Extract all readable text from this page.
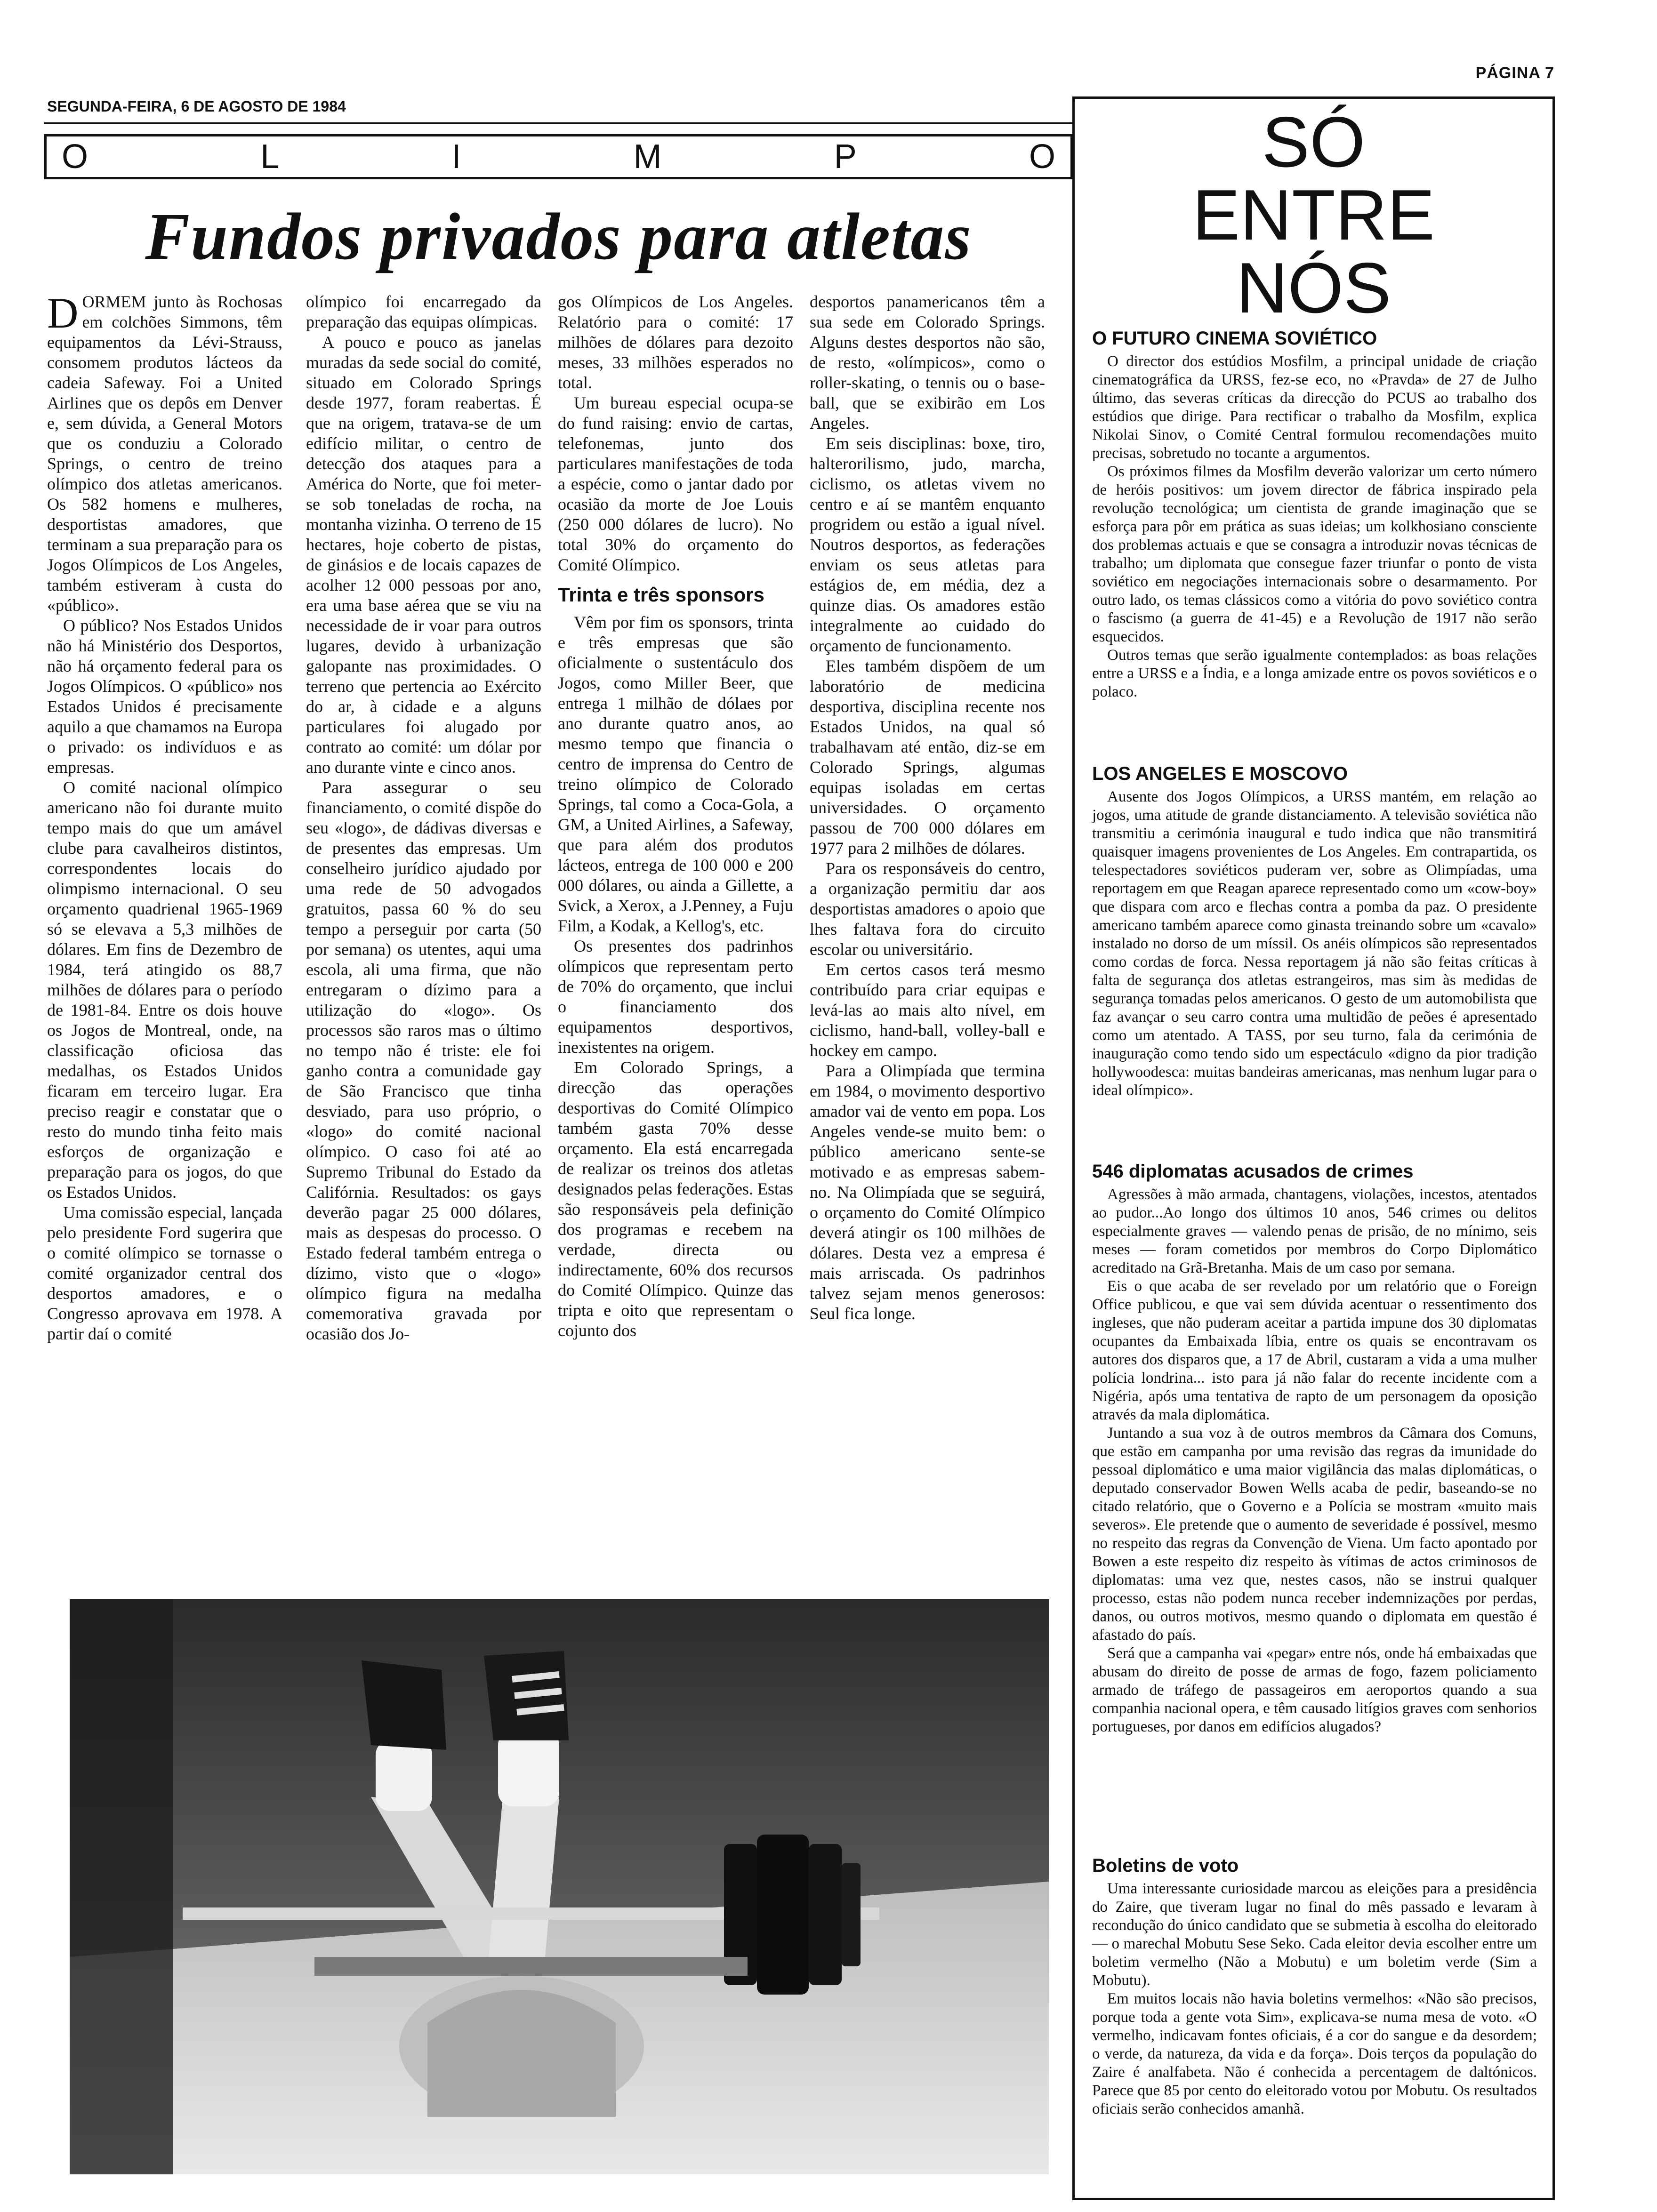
PÁGINA 7
SEGUNDA-FEIRA, 6 DE AGOSTO DE 1984
O	L	I	M	P	O
Fundos privados para atletas

DORMEM junto às Rochosas em colchões Simmons, têm equipamentos da Lévi-Strauss, consomem produtos lácteos da cadeia Safeway. Foi a United Airlines que os depôs em Denver e, sem dúvida, a General Motors que os conduziu a Colorado Springs, o centro de treino olímpico dos atletas americanos. Os 582 homens e mulheres, desportistas amadores, que terminam a sua preparação para os Jogos Olímpicos de Los Angeles, também estiveram à custa do «público».

O público? Nos Estados Unidos não há Ministério dos Desportos, não há orçamento federal para os Jogos Olímpicos. O «público» nos Estados Unidos é precisamente aquilo a que chamamos na Europa o privado: os indivíduos e as empresas.

O comité nacional olímpico americano não foi durante muito tempo mais do que um amável clube para cavalheiros distintos, correspondentes locais do olimpismo internacional. O seu orçamento quadrienal 1965-1969 só se elevava a 5,3 milhões de dólares. Em fins de Dezembro de 1984, terá atingido os 88,7 milhões de dólares para o período de 1981-84. Entre os dois houve os Jogos de Montreal, onde, na classificação oficiosa das medalhas, os Estados Unidos ficaram em terceiro lugar. Era preciso reagir e constatar que o resto do mundo tinha feito mais esforços de organização e preparação para os jogos, do que os Estados Unidos.

Uma comissão especial, lançada pelo presidente Ford sugerira que o comité olímpico se tornasse o comité organizador central dos desportos amadores, e o Congresso aprovava em 1978. A partir daí o comité

olímpico foi encarregado da preparação das equipas olímpicas.

A pouco e pouco as janelas muradas da sede social do comité, situado em Colorado Springs desde 1977, foram reabertas. É que na origem, tratava-se de um edifício militar, o centro de detecção dos ataques para a América do Norte, que foi meter-se sob toneladas de rocha, na montanha vizinha. O terreno de 15 hectares, hoje coberto de pistas, de ginásios e de locais capazes de acolher 12 000 pessoas por ano, era uma base aérea que se viu na necessidade de ir voar para outros lugares, devido à urbanização galopante nas proximidades. O terreno que pertencia ao Exército do ar, à cidade e a alguns particulares foi alugado por contrato ao comité: um dólar por ano durante vinte e cinco anos.

Para assegurar o seu financiamento, o comité dispõe do seu «logo», de dádivas diversas e de presentes das empresas. Um conselheiro jurídico ajudado por uma rede de 50 advogados gratuitos, passa 60 % do seu tempo a perseguir por carta (50 por semana) os utentes, aqui uma escola, ali uma firma, que não entregaram o dízimo para a utilização do «logo». Os processos são raros mas o último no tempo não é triste: ele foi ganho contra a comunidade gay de São Francisco que tinha desviado, para uso próprio, o «logo» do comité nacional olímpico. O caso foi até ao Supremo Tribunal do Estado da Califórnia. Resultados: os gays deverão pagar 25 000 dólares, mais as despesas do processo. O Estado federal também entrega o dízimo, visto que o «logo» olímpico figura na medalha comemorativa gravada por ocasião dos Jo-

gos Olímpicos de Los Angeles. Relatório para o comité: 17 milhões de dólares para dezoito meses, 33 milhões esperados no total.

Um bureau especial ocupa-se do fund raising: envio de cartas, telefonemas, junto dos particulares manifestações de toda a espécie, como o jantar dado por ocasião da morte de Joe Louis (250 000 dólares de lucro). No total 30% do orçamento do Comité Olímpico.

Trinta e três sponsors

Vêm por fim os sponsors, trinta e três empresas que são oficialmente o sustentáculo dos Jogos, como Miller Beer, que entrega 1 milhão de dólaes por ano durante quatro anos, ao mesmo tempo que financia o centro de imprensa do Centro de treino olímpico de Colorado Springs, tal como a Coca-Gola, a GM, a United Airlines, a Safeway, que para além dos produtos lácteos, entrega de 100 000 e 200 000 dólares, ou ainda a Gillette, a Svick, a Xerox, a J.Penney, a Fuju Film, a Kodak, a Kellog's, etc.

Os presentes dos padrinhos olímpicos que representam perto de 70% do orçamento, que inclui o financiamento dos equipamentos desportivos, inexistentes na origem.

Em Colorado Springs, a direcção das operações desportivas do Comité Olímpico também gasta 70% desse orçamento. Ela está encarregada de realizar os treinos dos atletas designados pelas federações. Estas são responsáveis pela definição dos programas e recebem na verdade, directa ou indirectamente, 60% dos recursos do Comité Olímpico. Quinze das tripta e oito que representam o cojunto dos

desportos panamericanos têm a sua sede em Colorado Springs. Alguns destes desportos não são, de resto, «olímpicos», como o roller-skating, o tennis ou o base-ball, que se exibirão em Los Angeles.

Em seis disciplinas: boxe, tiro, halterorilismo, judo, marcha, ciclismo, os atletas vivem no centro e aí se mantêm enquanto progridem ou estão a igual nível. Noutros desportos, as federações enviam os seus atletas para estágios de, em média, dez a quinze dias. Os amadores estão integralmente ao cuidado do orçamento de funcionamento.

Eles também dispõem de um laboratório de medicina desportiva, disciplina recente nos Estados Unidos, na qual só trabalhavam até então, diz-se em Colorado Springs, algumas equipas isoladas em certas universidades. O orçamento passou de 700 000 dólares em 1977 para 2 milhões de dólares.

Para os responsáveis do centro, a organização permitiu dar aos desportistas amadores o apoio que lhes faltava fora do circuito escolar ou universitário.

Em certos casos terá mesmo contribuído para criar equipas e levá-las ao mais alto nível, em ciclismo, hand-ball, volley-ball e hockey em campo.

Para a Olimpíada que termina em 1984, o movimento desportivo amador vai de vento em popa. Los Angeles vende-se muito bem: o público americano sente-se motivado e as empresas sabem-no. Na Olimpíada que se seguirá, o orçamento do Comité Olímpico deverá atingir os 100 milhões de dólares. Desta vez a empresa é mais arriscada. Os padrinhos talvez sejam menos generosos: Seul fica longe.

SÓ
ENTRE
NÓS
O FUTURO CINEMA SOVIÉTICO

O director dos estúdios Mosfilm, a principal unidade de criação cinematográfica da URSS, fez-se eco, no «Pravda» de 27 de Julho último, das severas críticas da direcção do PCUS ao trabalho dos estúdios que dirige. Para rectificar o trabalho da Mosfilm, explica Nikolai Sinov, o Comité Central formulou recomendações muito precisas, sobretudo no tocante a argumentos.

Os próximos filmes da Mosfilm deverão valorizar um certo número de heróis positivos: um jovem director de fábrica inspirado pela revolução tecnológica; um cientista de grande imaginação que se esforça para pôr em prática as suas ideias; um kolkhosiano consciente dos problemas actuais e que se consagra a introduzir novas técnicas de trabalho; um diplomata que consegue fazer triunfar o ponto de vista soviético em negociações internacionais sobre o desarmamento. Por outro lado, os temas clássicos como a vitória do povo soviético contra o fascismo (a guerra de 41-45) e a Revolução de 1917 não serão esquecidos.

Outros temas que serão igualmente contemplados: as boas relações entre a URSS e a Índia, e a longa amizade entre os povos soviéticos e o polaco.

LOS ANGELES E MOSCOVO

Ausente dos Jogos Olímpicos, a URSS mantém, em relação ao jogos, uma atitude de grande distanciamento. A televisão soviética não transmitiu a cerimónia inaugural e tudo indica que não transmitirá quaisquer imagens provenientes de Los Angeles. Em contrapartida, os telespectadores soviéticos puderam ver, sobre as Olimpíadas, uma reportagem em que Reagan aparece representado como um «cow-boy» que dispara com arco e flechas contra a pomba da paz. O presidente americano também aparece como ginasta treinando sobre um «cavalo» instalado no dorso de um míssil. Os anéis olímpicos são representados como cordas de forca. Nessa reportagem já não são feitas críticas à falta de segurança dos atletas estrangeiros, mas sim às medidas de segurança tomadas pelos americanos. O gesto de um automobilista que faz avançar o seu carro contra uma multidão de peões é apresentado como um atentado. A TASS, por seu turno, fala da cerimónia de inauguração como tendo sido um espectáculo «digno da pior tradição hollywoodesca: muitas bandeiras americanas, mas nenhum lugar para o ideal olímpico».

546 diplomatas acusados de crimes

Agressões à mão armada, chantagens, violações, incestos, atentados ao pudor...Ao longo dos últimos 10 anos, 546 crimes ou delitos especialmente graves — valendo penas de prisão, de no mínimo, seis meses — foram cometidos por membros do Corpo Diplomático acreditado na Grã-Bretanha. Mais de um caso por semana.

Eis o que acaba de ser revelado por um relatório que o Foreign Office publicou, e que vai sem dúvida acentuar o ressentimento dos ingleses, que não puderam aceitar a partida impune dos 30 diplomatas ocupantes da Embaixada líbia, entre os quais se encontravam os autores dos disparos que, a 17 de Abril, custaram a vida a uma mulher polícia londrina... isto para já não falar do recente incidente com a Nigéria, após uma tentativa de rapto de um personagem da oposição através da mala diplomática.

Juntando a sua voz à de outros membros da Câmara dos Comuns, que estão em campanha por uma revisão das regras da imunidade do pessoal diplomático e uma maior vigilância das malas diplomáticas, o deputado conservador Bowen Wells acaba de pedir, baseando-se no citado relatório, que o Governo e a Polícia se mostram «muito mais severos». Ele pretende que o aumento de severidade é possível, mesmo no respeito das regras da Convenção de Viena. Um facto apontado por Bowen a este respeito diz respeito às vítimas de actos criminosos de diplomatas: uma vez que, nestes casos, não se instrui qualquer processo, estas não podem nunca receber indemnizações por perdas, danos, ou outros motivos, mesmo quando o diplomata em questão é afastado do país.

Será que a campanha vai «pegar» entre nós, onde há embaixadas que abusam do direito de posse de armas de fogo, fazem policiamento armado de tráfego de passageiros em aeroportos quando a sua companhia nacional opera, e têm causado litígios graves com senhorios portugueses, por danos em edifícios alugados?

Boletins de voto

Uma interessante curiosidade marcou as eleições para a presidência do Zaire, que tiveram lugar no final do mês passado e levaram à recondução do único candidato que se submetia à escolha do eleitorado — o marechal Mobutu Sese Seko. Cada eleitor devia escolher entre um boletim vermelho (Não a Mobutu) e um boletim verde (Sim a Mobutu).

Em muitos locais não havia boletins vermelhos: «Não são precisos, porque toda a gente vota Sim», explicava-se numa mesa de voto. «O vermelho, indicavam fontes oficiais, é a cor do sangue e da desordem; o verde, da natureza, da vida e da força». Dois terços da população do Zaire é analfabeta. Não é conhecida a percentagem de daltónicos. Parece que 85 por cento do eleitorado votou por Mobutu. Os resultados oficiais serão conhecidos amanhã.
